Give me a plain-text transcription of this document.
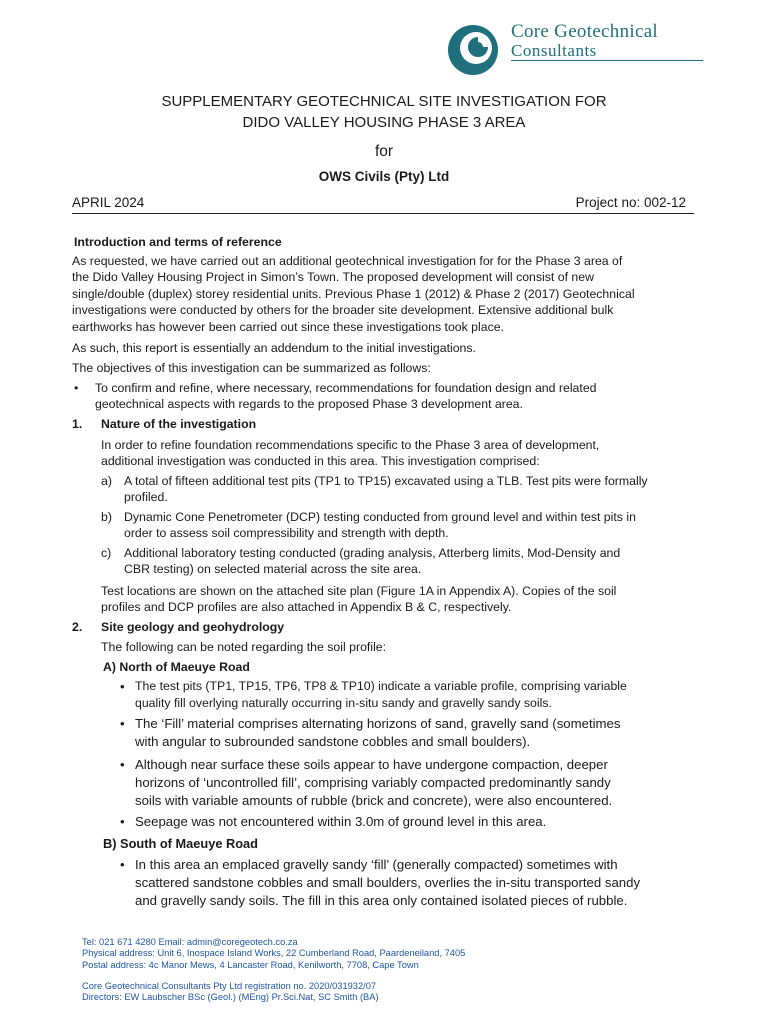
Core Geotechnical
Consultants
SUPPLEMENTARY GEOTECHNICAL SITE INVESTIGATION FOR
DIDO VALLEY HOUSING PHASE 3 AREA
for
OWS Civils (Pty) Ltd
APRIL 2024	Project no: 002-12
Introduction and terms of reference
As requested, we have carried out an additional geotechnical investigation for for the Phase 3 area of
the Dido Valley Housing Project in Simon’s Town. The proposed development will consist of new
single/double (duplex) storey residential units. Previous Phase 1 (2012) & Phase 2 (2017) Geotechnical
investigations were conducted by others for the broader site development. Extensive additional bulk
earthworks has however been carried out since these investigations took place.
As such, this report is essentially an addendum to the initial investigations.
The objectives of this investigation can be summarized as follows:
• To confirm and refine, where necessary, recommendations for foundation design and related
geotechnical aspects with regards to the proposed Phase 3 development area.
1. Nature of the investigation
In order to refine foundation recommendations specific to the Phase 3 area of development,
additional investigation was conducted in this area. This investigation comprised:
a) A total of fifteen additional test pits (TP1 to TP15) excavated using a TLB. Test pits were formally
profiled.
b) Dynamic Cone Penetrometer (DCP) testing conducted from ground level and within test pits in
order to assess soil compressibility and strength with depth.
c) Additional laboratory testing conducted (grading analysis, Atterberg limits, Mod-Density and
CBR testing) on selected material across the site area.
Test locations are shown on the attached site plan (Figure 1A in Appendix A). Copies of the soil
profiles and DCP profiles are also attached in Appendix B & C, respectively.
2. Site geology and geohydrology
The following can be noted regarding the soil profile:
A) North of Maeuye Road
• The test pits (TP1, TP15, TP6, TP8 & TP10) indicate a variable profile, comprising variable
quality fill overlying naturally occurring in-situ sandy and gravelly sandy soils.
• The ‘Fill’ material comprises alternating horizons of sand, gravelly sand (sometimes
with angular to subrounded sandstone cobbles and small boulders).
• Although near surface these soils appear to have undergone compaction, deeper
horizons of ‘uncontrolled fill’, comprising variably compacted predominantly sandy
soils with variable amounts of rubble (brick and concrete), were also encountered.
• Seepage was not encountered within 3.0m of ground level in this area.
B) South of Maeuye Road
• In this area an emplaced gravelly sandy ‘fill’ (generally compacted) sometimes with
scattered sandstone cobbles and small boulders, overlies the in-situ transported sandy
and gravelly sandy soils. The fill in this area only contained isolated pieces of rubble.
Tel: 021 671 4280 Email: admin@coregeotech.co.za
Physical address: Unit 6, Inospace Island Works, 22 Cumberland Road, Paardeneiland, 7405
Postal address: 4c Manor Mews, 4 Lancaster Road, Kenilworth, 7708, Cape Town
Core Geotechnical Consultants Pty Ltd registration no. 2020/031932/07
Directors: EW Laubscher BSc (Geol.) (MEng) Pr.Sci.Nat, SC Smith (BA)
